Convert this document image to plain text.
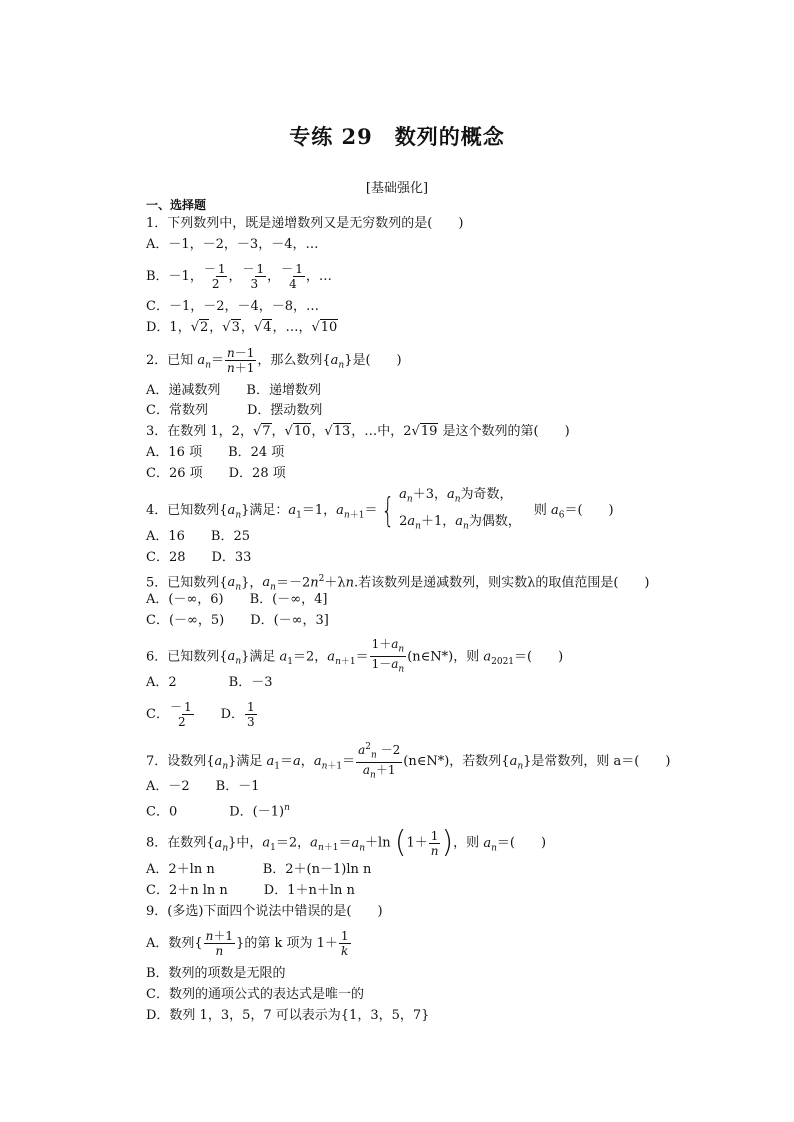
专练 29　数列的概念
[基础强化]
一、选择题
1．下列数列中，既是递增数列又是无穷数列的是(　　)
A．－1，－2，－3，－4，…
B．－1，－ 1
2 ，－ 1
3 ，－ 1
4 ，…
C．－1，－2，－4，－8，…
D．1，√2，√3，√4，…，√10
2．已知 $a_n= \frac{n-1}{n+1}$ ，那么数列$\{a_n\}$是(　　)
A．递减数列　　B．递增数列
C．常数列　　　D．摆动数列
3．在数列 1，2，√7，√10，√13，…中，2√19 是这个数列的第(　　)
A．16 项　　B．24 项
C．26 项　　D．28 项
4．已知数列$\{a_n\}$满足：$a_1=1$，$a_{n+1}=$ { $a_n+3$，$a_n$为奇数，
$2a_n+1$，$a_n$为偶数，
　则 $a_6=$(　　)
A．16　　B．25
C．28　　D．33
5．已知数列$\{a_n\}$，$a_n=-2n^2+\lambda n$.若该数列是递减数列，则实数λ的取值范围是(　　)
A．(－∞，6)　　B．(－∞，4]
C．(－∞，5)　　D．(－∞，3]
6．已知数列$\{a_n\}$满足 $a_1=2$，$a_{n+1}= \frac{1+a_n}{1-a_n}$ (n∈N*)，则 $a_{2021}=$(　　)
A．2　　　　B．－3
C．－ 1
2 　　D． $\frac{1}{3}$
7．设数列$\{a_n\}$满足 $a_1=a$，$a_{n+1}= \frac{a^2_n -2}{a_n+1}$ (n∈N*)，若数列$\{a_n\}$是常数列，则 a＝(　　)
A．－2　　B．－1
C．0　　　　D．$(-1)^n$
8．在数列$\{a_n\}$中，$a_1=2$，$a_{n+1}=a_n+\ln$ ($1+ \frac{1}{n}$ )，则 $a_n=$(　　)
A．2＋ln n	B．2＋(n－1)ln n
C．2＋n ln n	D．1＋n＋ln n
9．(多选)下面四个说法中错误的是(　　)
A．数列{ $\frac{n+1}{n}$ }的第 k 项为 $1+ \frac{1}{k}$
B．数列的项数是无限的
C．数列的通项公式的表达式是唯一的
D．数列 1，3，5，7 可以表示为{1，3，5，7}
